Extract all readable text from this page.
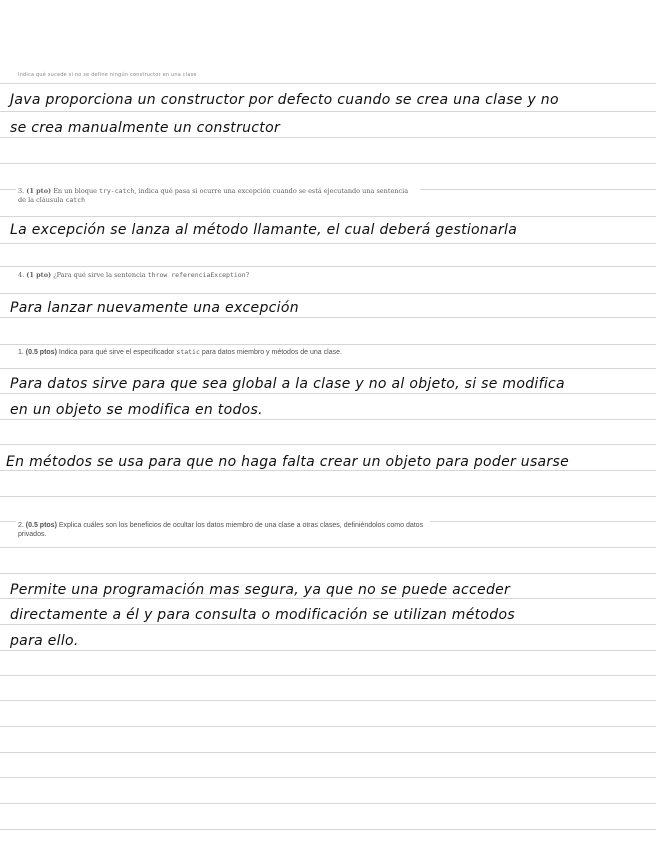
Indica qué sucede si no se define ningún constructor en una clase
Java proporciona un constructor por defecto cuando se crea una clase y no
se crea manualmente un constructor
3. (1 pto) En un bloque try-catch, indica qué pasa si ocurre una excepción cuando se está ejecutando una sentencia de la cláusula catch
La excepción se lanza al método llamante, el cual deberá gestionarla
4. (1 pto) ¿Para qué sirve la sentencia throw referenciaException?
Para lanzar nuevamente una excepción
1. (0.5 ptos) Indica para qué sirve el especificador static para datos miembro y métodos de una clase.
Para datos sirve para que sea global a la clase y no al objeto, si se modifica
en un objeto se modifica en todos.
En métodos se usa para que no haga falta crear un objeto para poder usarse
2. (0.5 ptos) Explica cuáles son los beneficios de ocultar los datos miembro de una clase a otras clases, definiéndolos como datos privados.
Permite una programación mas segura, ya que no se puede acceder
directamente a él y para consulta o modificación se utilizan métodos
para ello.
